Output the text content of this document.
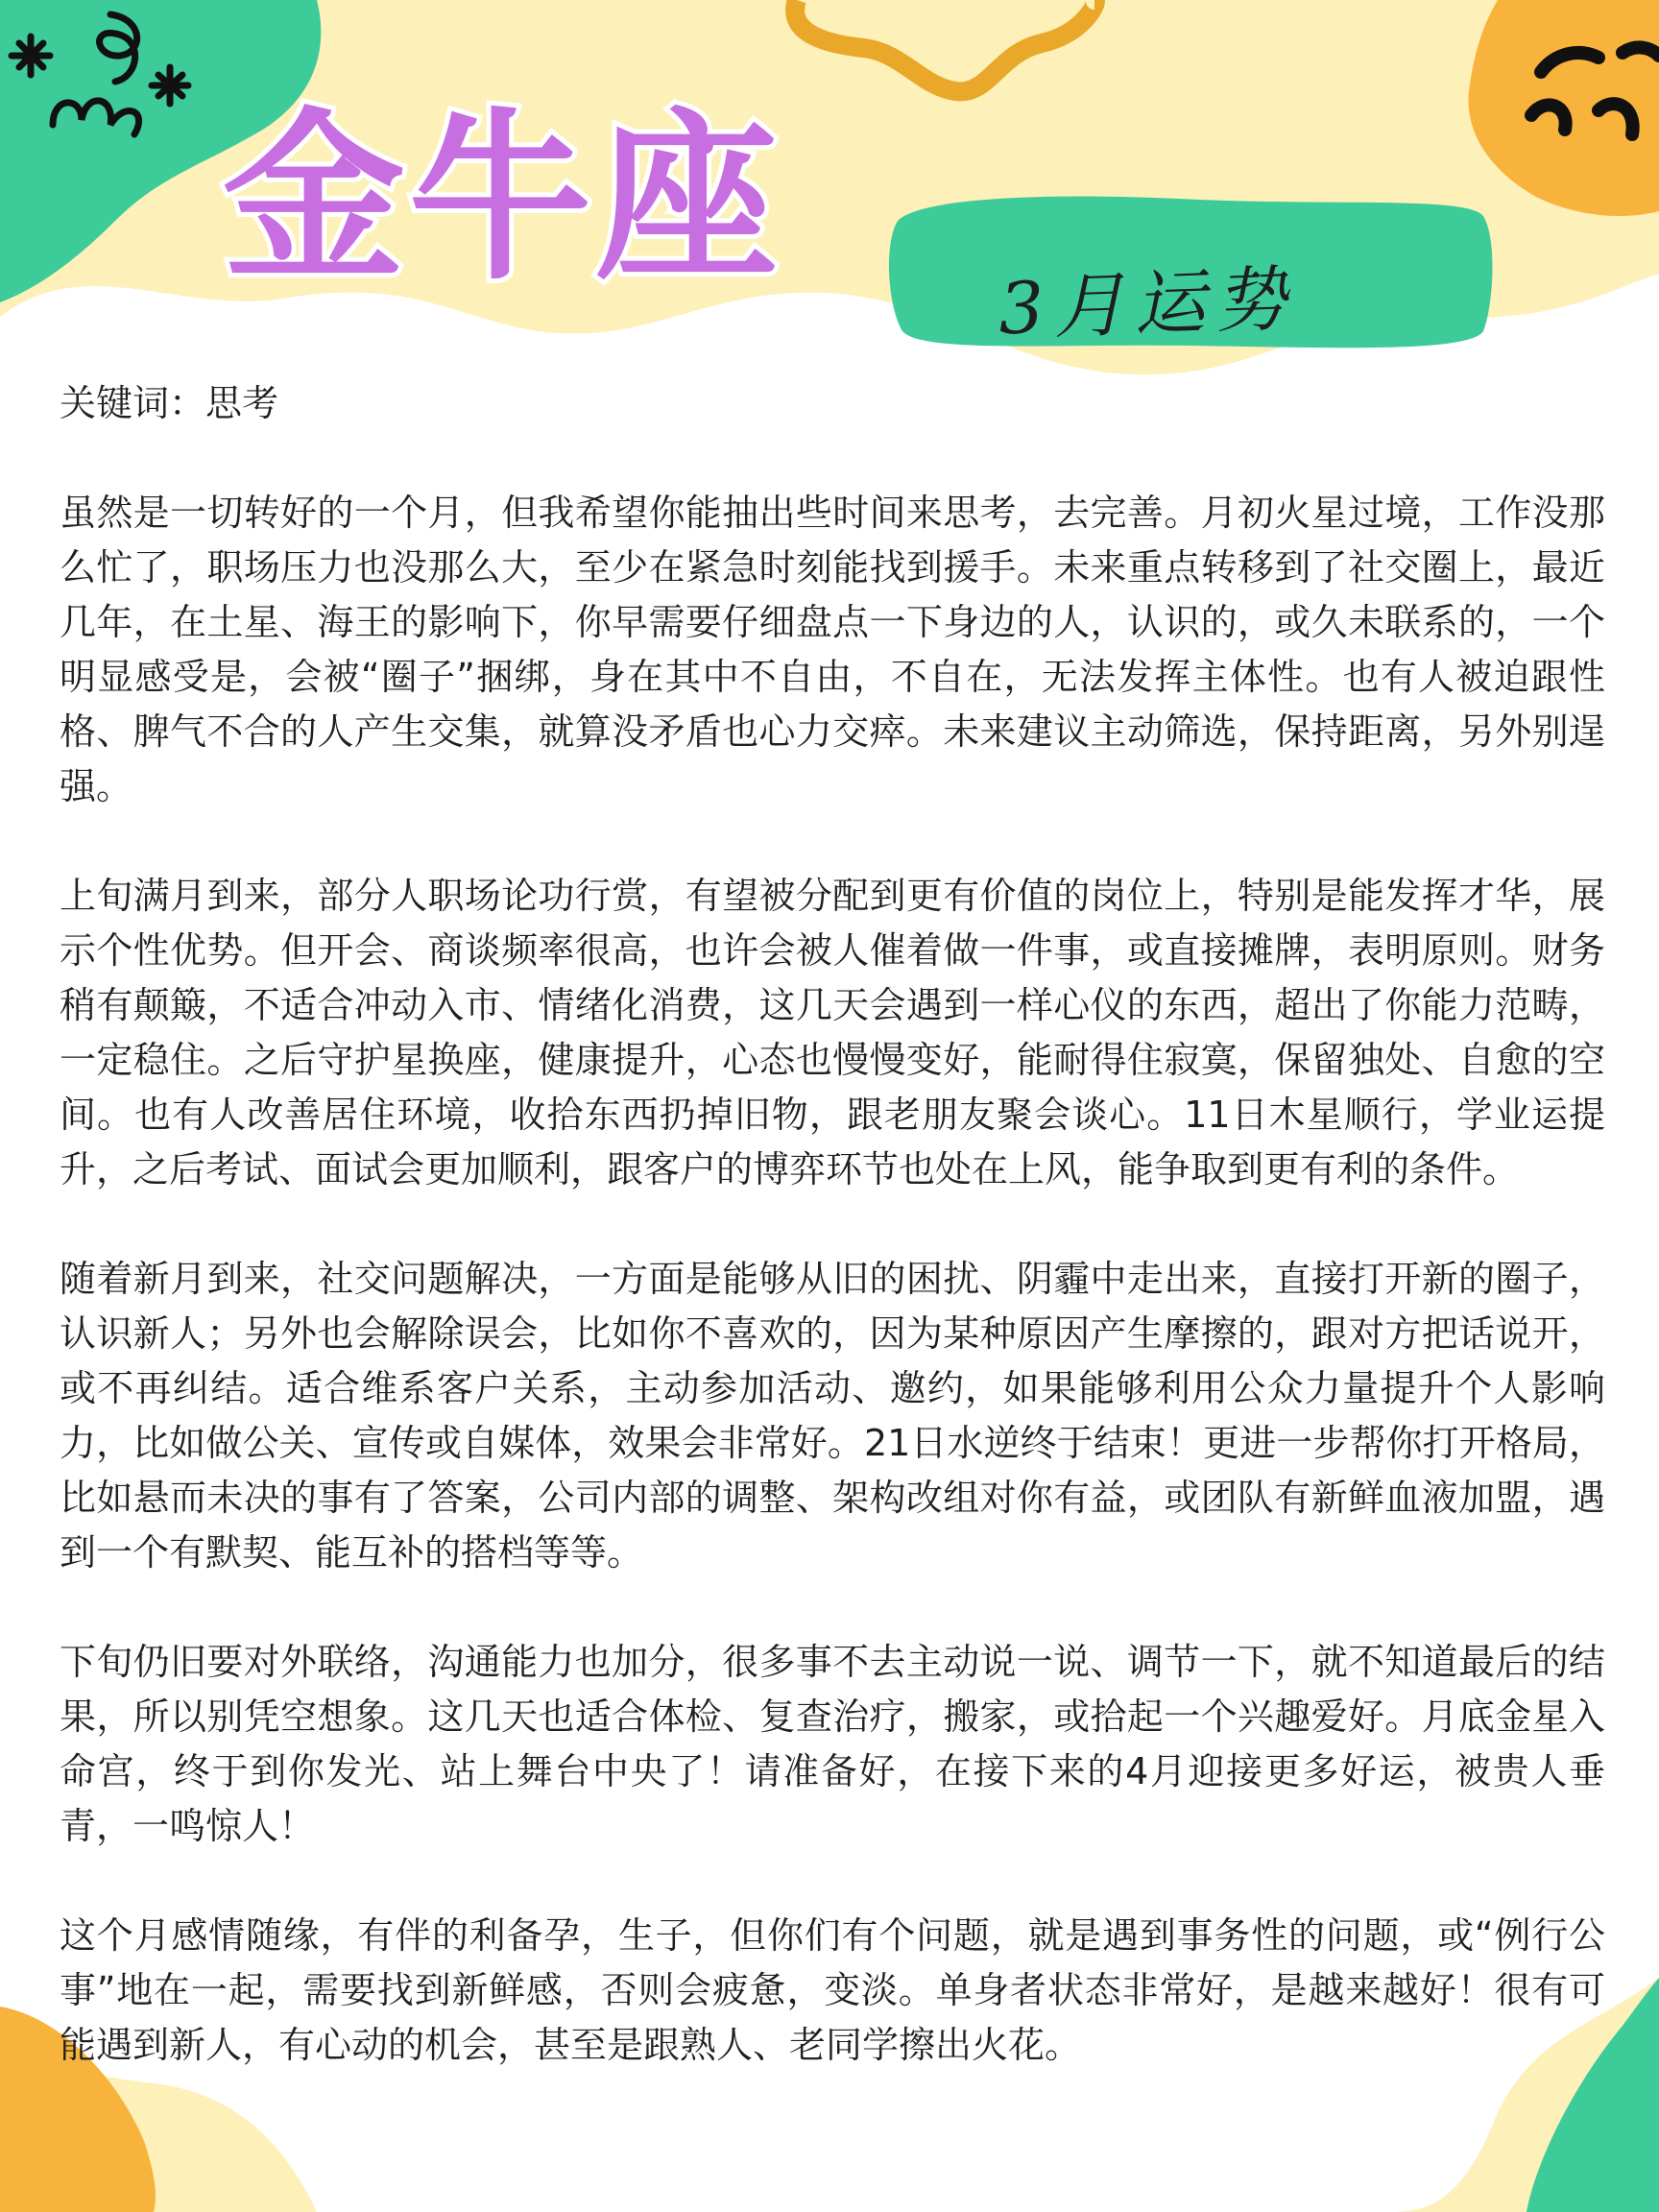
金牛座	3月运势
关键词：思考

虽然是一切转好的一个月，但我希望你能抽出些时间来思考，去完善。月初火星过境，工作没那么忙了，职场压力也没那么大，至少在紧急时刻能找到援手。未来重点转移到了社交圈上，最近几年，在土星、海王的影响下，你早需要仔细盘点一下身边的人，认识的，或久未联系的，一个明显感受是，会被“圈子”捆绑，身在其中不自由，不自在，无法发挥主体性。也有人被迫跟性格、脾气不合的人产生交集，就算没矛盾也心力交瘁。未来建议主动筛选，保持距离，另外别逞强。

上旬满月到来，部分人职场论功行赏，有望被分配到更有价值的岗位上，特别是能发挥才华，展示个性优势。但开会、商谈频率很高，也许会被人催着做一件事，或直接摊牌，表明原则。财务稍有颠簸，不适合冲动入市、情绪化消费，这几天会遇到一样心仪的东西，超出了你能力范畴，一定稳住。之后守护星换座，健康提升，心态也慢慢变好，能耐得住寂寞，保留独处、自愈的空间。也有人改善居住环境，收拾东西扔掉旧物，跟老朋友聚会谈心。11日木星顺行，学业运提升，之后考试、面试会更加顺利，跟客户的博弈环节也处在上风，能争取到更有利的条件。

随着新月到来，社交问题解决，一方面是能够从旧的困扰、阴霾中走出来，直接打开新的圈子，认识新人；另外也会解除误会，比如你不喜欢的，因为某种原因产生摩擦的，跟对方把话说开，或不再纠结。适合维系客户关系，主动参加活动、邀约，如果能够利用公众力量提升个人影响力，比如做公关、宣传或自媒体，效果会非常好。21日水逆终于结束！更进一步帮你打开格局，比如悬而未决的事有了答案，公司内部的调整、架构改组对你有益，或团队有新鲜血液加盟，遇到一个有默契、能互补的搭档等等。

下旬仍旧要对外联络，沟通能力也加分，很多事不去主动说一说、调节一下，就不知道最后的结果，所以别凭空想象。这几天也适合体检、复查治疗，搬家，或拾起一个兴趣爱好。月底金星入命宫，终于到你发光、站上舞台中央了！请准备好，在接下来的4月迎接更多好运，被贵人垂青，一鸣惊人！

这个月感情随缘，有伴的利备孕，生子，但你们有个问题，就是遇到事务性的问题，或“例行公事”地在一起，需要找到新鲜感，否则会疲惫，变淡。单身者状态非常好，是越来越好！很有可能遇到新人，有心动的机会，甚至是跟熟人、老同学擦出火花。
